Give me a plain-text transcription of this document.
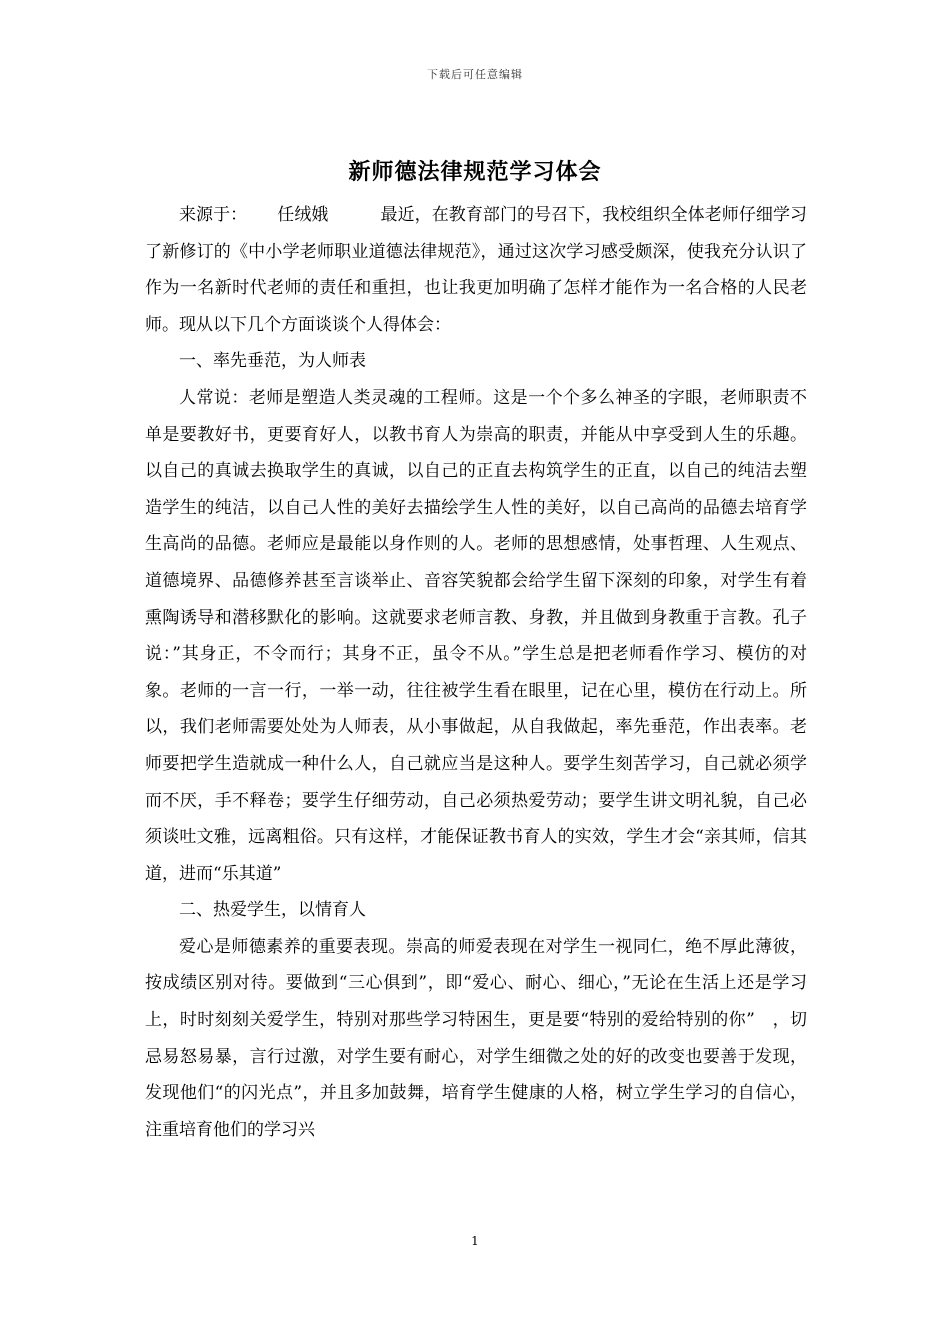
下载后可任意编辑
新师德法律规范学习体会

来源于： 任绒娥	最近，在教育部门的号召下，我校组织全体老师仔细学习了新修订的《中小学老师职业道德法律规范》，通过这次学习感受颇深，使我充分认识了作为一名新时代老师的责任和重担，也让我更加明确了怎样才能作为一名合格的人民老师。现从以下几个方面谈谈个人得体会：

一、率先垂范，为人师表

人常说：老师是塑造人类灵魂的工程师。这是一个个多么神圣的字眼，老师职责不单是要教好书，更要育好人，以教书育人为崇高的职责，并能从中享受到人生的乐趣。以自己的真诚去换取学生的真诚，以自己的正直去构筑学生的正直，以自己的纯洁去塑造学生的纯洁，以自己人性的美好去描绘学生人性的美好，以自己高尚的品德去培育学生高尚的品德。老师应是最能以身作则的人。老师的思想感情，处事哲理、人生观点、道德境界、品德修养甚至言谈举止、音容笑貌都会给学生留下深刻的印象，对学生有着熏陶诱导和潜移默化的影响。这就要求老师言教、身教，并且做到身教重于言教。孔子说：”其身正，不令而行；其身不正，虽令不从。”学生总是把老师看作学习、模仿的对象。老师的一言一行，一举一动，往往被学生看在眼里，记在心里，模仿在行动上。所以，我们老师需要处处为人师表，从小事做起，从自我做起，率先垂范，作出表率。老师要把学生造就成一种什么人，自己就应当是这种人。要学生刻苦学习，自己就必须学而不厌，手不释卷；要学生仔细劳动，自己必须热爱劳动；要学生讲文明礼貌，自己必须谈吐文雅，远离粗俗。只有这样，才能保证教书育人的实效，学生才会“亲其师，信其道，进而“乐其道”

二、热爱学生，以情育人

爱心是师德素养的重要表现。崇高的师爱表现在对学生一视同仁，绝不厚此薄彼，按成绩区别对待。要做到“三心俱到”，即“爱心、耐心、细心，”无论在生活上还是学习上，时时刻刻关爱学生，特别对那些学习特困生，更是要“特别的爱给特别的你”　，切忌易怒易暴，言行过激，对学生要有耐心，对学生细微之处的好的改变也要善于发现，发现他们“的闪光点”，并且多加鼓舞，培育学生健康的人格，树立学生学习的自信心，注重培育他们的学习兴

1
